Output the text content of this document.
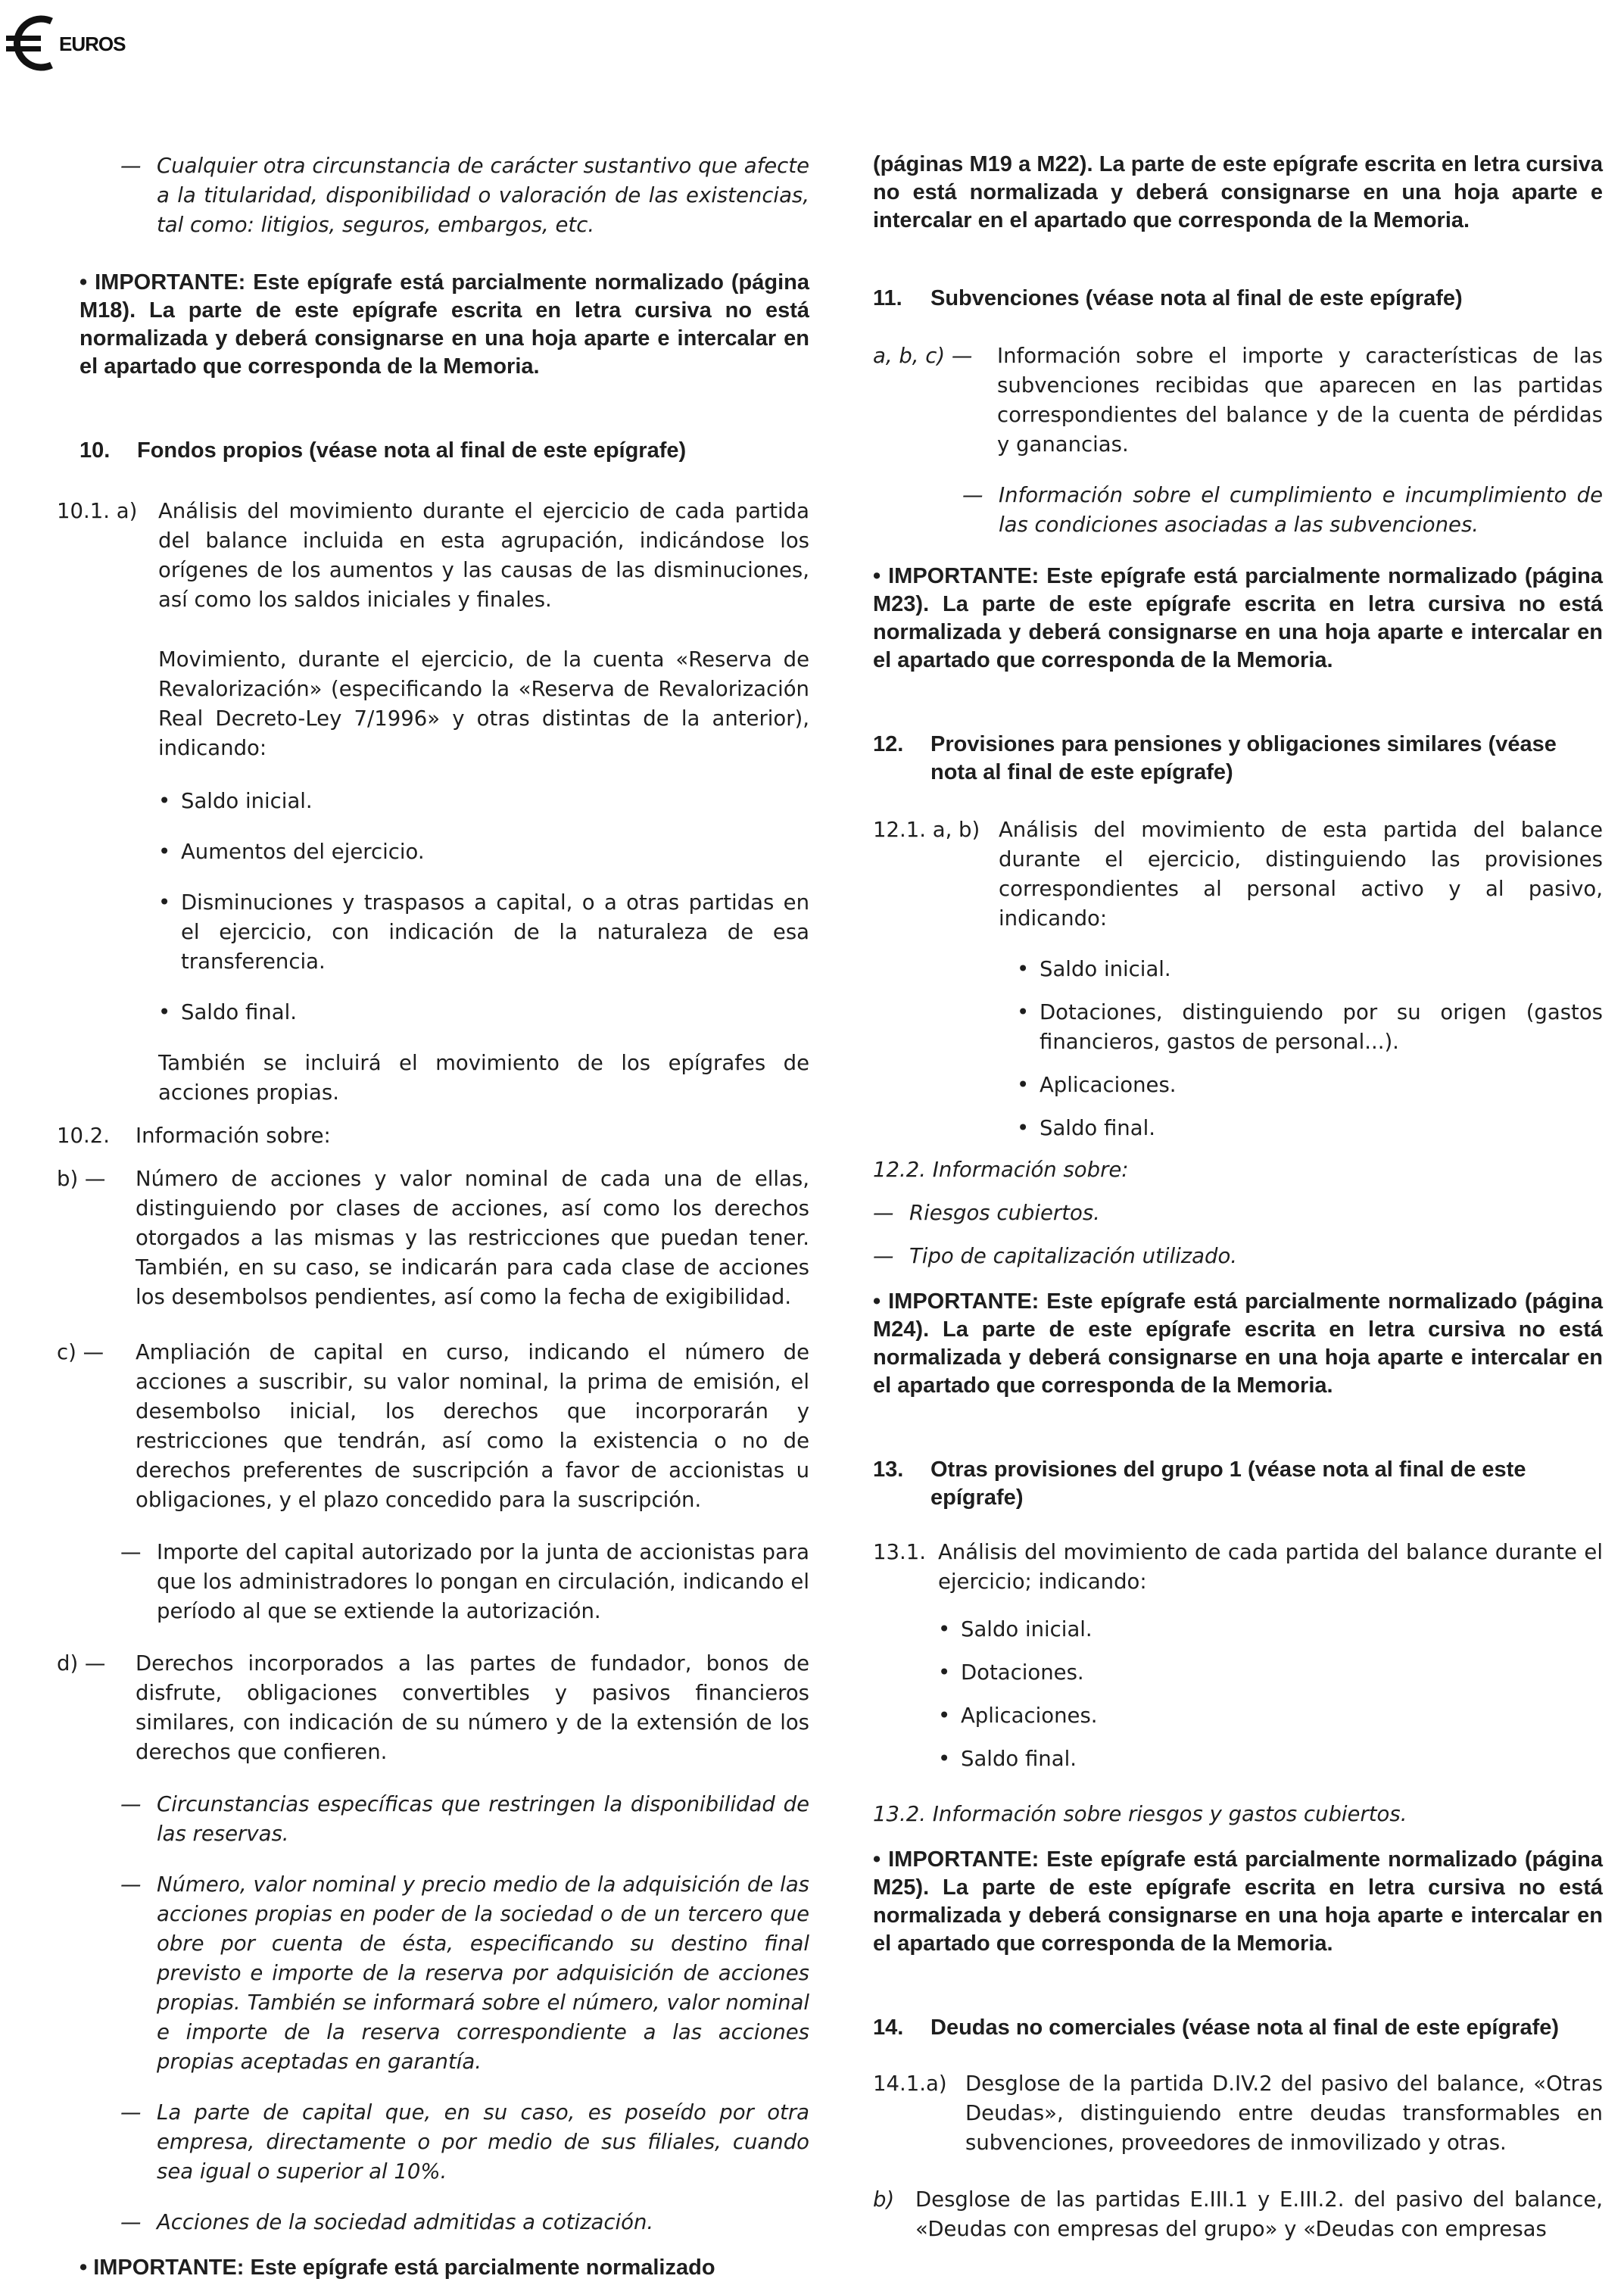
EUROS
— Cualquier otra circunstancia de carácter sustantivo que afecte a la titularidad, disponibilidad o valoración de las existencias, tal como: litigios, seguros, embargos, etc.

• IMPORTANTE: Este epígrafe está parcialmente normalizado (página M18). La parte de este epígrafe escrita en letra cursiva no está normalizada y deberá consignarse en una hoja aparte e intercalar en el apartado que corresponda de la Memoria.

10.	Fondos propios (véase nota al final de este epígrafe)
10.1. a)	Análisis del movimiento durante el ejercicio de cada partida del balance incluida en esta agrupación, indicándose los orígenes de los aumentos y las causas de las disminuciones, así como los saldos iniciales y finales.

Movimiento, durante el ejercicio, de la cuenta «Reserva de Revalorización» (especificando la «Reserva de Revalorización Real Decreto-Ley 7/1996» y otras distintas de la anterior), indicando:

• Saldo inicial.
• Aumentos del ejercicio.
• Disminuciones y traspasos a capital, o a otras partidas en el ejercicio, con indicación de la naturaleza de esa transferencia.
• Saldo final.

También se incluirá el movimiento de los epígrafes de acciones propias.

10.2.	Información sobre:
b) —	Número de acciones y valor nominal de cada una de ellas, distinguiendo por clases de acciones, así como los derechos otorgados a las mismas y las restricciones que puedan tener. También, en su caso, se indicarán para cada clase de acciones los desembolsos pendientes, así como la fecha de exigibilidad.
c) —	Ampliación de capital en curso, indicando el número de acciones a suscribir, su valor nominal, la prima de emisión, el desembolso inicial, los derechos que incorporarán y restricciones que tendrán, así como la existencia o no de derechos preferentes de suscripción a favor de accionistas u obligaciones, y el plazo concedido para la suscripción.
— Importe del capital autorizado por la junta de accionistas para que los administradores lo pongan en circulación, indicando el período al que se extiende la autorización.
d) —	Derechos incorporados a las partes de fundador, bonos de disfrute, obligaciones convertibles y pasivos financieros similares, con indicación de su número y de la extensión de los derechos que confieren.
— Circunstancias específicas que restringen la disponibilidad de las reservas.
— Número, valor nominal y precio medio de la adquisición de las acciones propias en poder de la sociedad o de un tercero que obre por cuenta de ésta, especificando su destino final previsto e importe de la reserva por adquisición de acciones propias. También se informará sobre el número, valor nominal e importe de la reserva correspondiente a las acciones propias aceptadas en garantía.
— La parte de capital que, en su caso, es poseído por otra empresa, directamente o por medio de sus filiales, cuando sea igual o superior al 10%.
— Acciones de la sociedad admitidas a cotización.

• IMPORTANTE: Este epígrafe está parcialmente normalizado

(páginas M19 a M22). La parte de este epígrafe escrita en letra cursiva no está normalizada y deberá consignarse en una hoja aparte e intercalar en el apartado que corresponda de la Memoria.

11.	Subvenciones (véase nota al final de este epígrafe)
a, b, c) —	Información sobre el importe y características de las subvenciones recibidas que aparecen en las partidas correspondientes del balance y de la cuenta de pérdidas y ganancias.
— Información sobre el cumplimiento e incumplimiento de las condiciones asociadas a las subvenciones.

• IMPORTANTE: Este epígrafe está parcialmente normalizado (página M23). La parte de este epígrafe escrita en letra cursiva no está normalizada y deberá consignarse en una hoja aparte e intercalar en el apartado que corresponda de la Memoria.

12.	Provisiones para pensiones y obligaciones similares (véase nota al final de este epígrafe)
12.1. a, b) Análisis del movimiento de esta partida del balance durante el ejercicio, distinguiendo las provisiones correspondientes al personal activo y al pasivo, indicando:
• Saldo inicial.
• Dotaciones, distinguiendo por su origen (gastos financieros, gastos de personal...).
• Aplicaciones.
• Saldo final.

12.2. Información sobre:

— Riesgos cubiertos.
— Tipo de capitalización utilizado.

• IMPORTANTE: Este epígrafe está parcialmente normalizado (página M24). La parte de este epígrafe escrita en letra cursiva no está normalizada y deberá consignarse en una hoja aparte e intercalar en el apartado que corresponda de la Memoria.

13.	Otras provisiones del grupo 1 (véase nota al final de este epígrafe)
13.1. Análisis del movimiento de cada partida del balance durante el ejercicio; indicando:
• Saldo inicial.
• Dotaciones.
• Aplicaciones.
• Saldo final.

13.2. Información sobre riesgos y gastos cubiertos.

• IMPORTANTE: Este epígrafe está parcialmente normalizado (página M25). La parte de este epígrafe escrita en letra cursiva no está normalizada y deberá consignarse en una hoja aparte e intercalar en el apartado que corresponda de la Memoria.

14.	Deudas no comerciales (véase nota al final de este epígrafe)
14.1.a) Desglose de la partida D.IV.2 del pasivo del balance, «Otras Deudas», distinguiendo entre deudas transformables en subvenciones, proveedores de inmovilizado y otras.
b)	Desglose de las partidas E.III.1 y E.III.2. del pasivo del balance, «Deudas con empresas del grupo» y «Deudas con empresas
